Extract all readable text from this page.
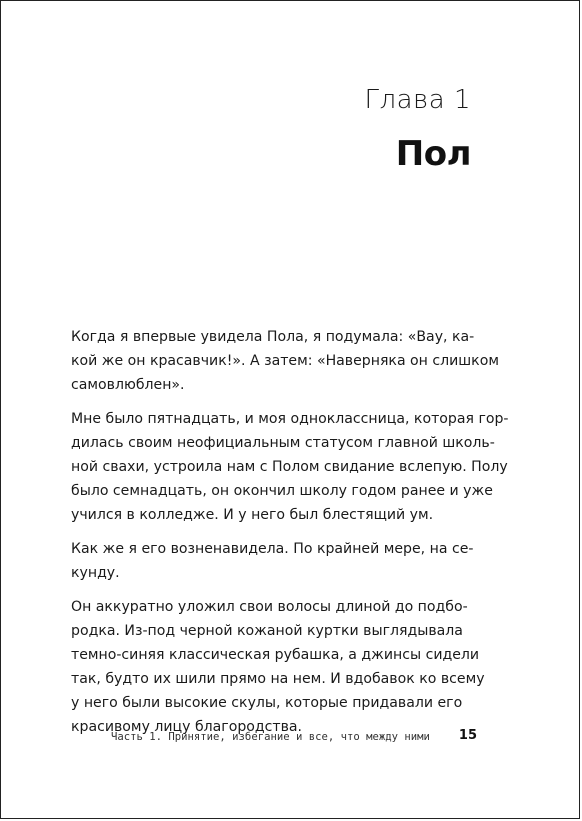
Глава 1
Пол

Когда я впервые увидела Пола, я подумала: «Вау, ка-
кой же он красавчик!». А затем: «Наверняка он слишком
самовлюблен».

Мне было пятнадцать, и моя одноклассница, которая гор-
дилась своим неофициальным статусом главной школь-
ной свахи, устроила нам с Полом свидание вслепую. Полу
было семнадцать, он окончил школу годом ранее и уже
учился в колледже. И у него был блестящий ум.

Как же я его возненавидела. По крайней мере, на се-
кунду.

Он аккуратно уложил свои волосы длиной до подбо-
родка. Из-под черной кожаной куртки выглядывала
темно-синяя классическая рубашка, а джинсы сидели
так, будто их шили прямо на нем. И вдобавок ко всему
у него были высокие скулы, которые придавали его
красивому лицу благородства.

Часть 1. Принятие, избегание и все, что между ними 15
